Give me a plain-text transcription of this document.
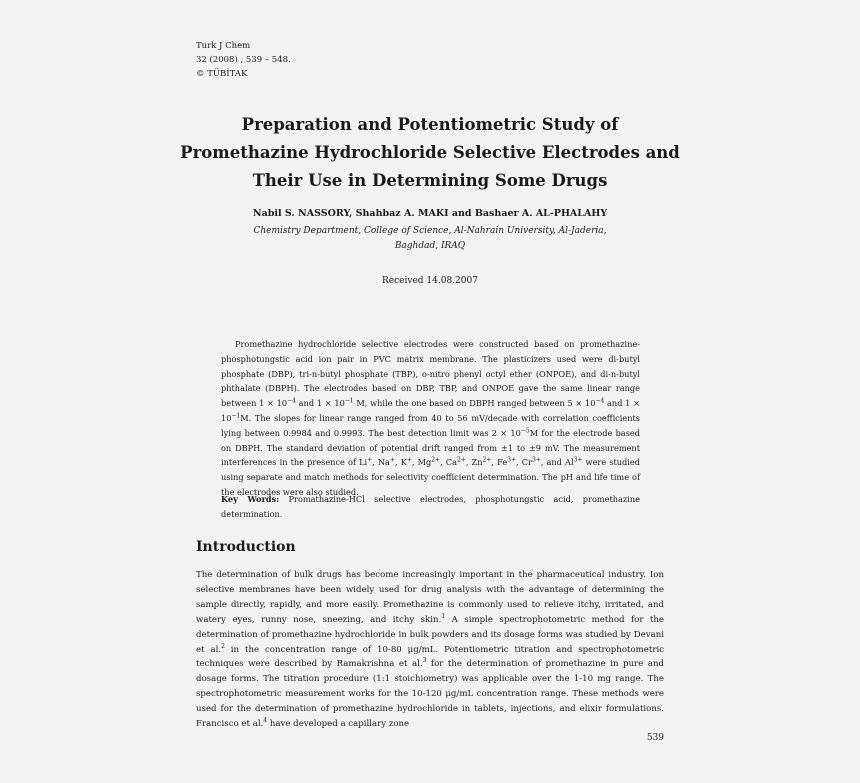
Turk J Chem
32 (2008) , 539 – 548.
© TÜBİTAK
Preparation and Potentiometric Study of
Promethazine Hydrochloride Selective Electrodes and
Their Use in Determining Some Drugs
Nabil S. NASSORY, Shahbaz A. MAKI and Bashaer A. AL-PHALAHY
Chemistry Department, College of Science, Al-Nahrain University, Al-Jaderia,
Baghdad, IRAQ
Received 14.08.2007

Promethazine hydrochloride selective electrodes were constructed based on promethazine-phosphotungstic acid ion pair in PVC matrix membrane. The plasticizers used were di-butyl phosphate (DBP), tri-n-butyl phosphate (TBP), o-nitro phenyl octyl ether (ONPOE), and di-n-butyl phthalate (DBPH). The electrodes based on DBP, TBP, and ONPOE gave the same linear range between $1 \times 10^{-4}$ and $1 \times 10^{-1}$ M, while the one based on DBPH ranged between $5 \times 10^{-4}$ and $1 \times 10^{-1}M$. The slopes for linear range ranged from 40 to 56 mV/decade with correlation coefficients lying between 0.9984 and 0.9993. The best detection limit was $2 \times 10^{-5}M$ for the electrode based on DBPH. The standard deviation of potential drift ranged from ±1 to ±9 mV. The measurement interferences in the presence of Li+, Na+, K+, $Mg^{2+}$, $Ca^{2+}$, $Zn^{2+}$, $Fe^{3+}$, $Cr^{3+}$, and $Al^{3+}$ were studied using separate and match methods for selectivity coefficient determination. The pH and life time of the electrodes were also studied.

Key Words: Promathazine-HCl selective electrodes, phosphotungstic acid, promethazine determination.
Introduction

The determination of bulk drugs has become increasingly important in the pharmaceutical industry. Ion selective membranes have been widely used for drug analysis with the advantage of determining the sample directly, rapidly, and more easily. Promethazine is commonly used to relieve itchy, irritated, and watery eyes, runny nose, sneezing, and itchy skin.$^1$ A simple spectrophotometric method for the determination of promethazine hydrochloride in bulk powders and its dosage forms was studied by Devani et al.$^2$ in the concentration range of 10-80 μg/mL. Potentiometric titration and spectrophotometric techniques were described by Ramakrishna et al.$^3$ for the determination of promethazine in pure and dosage forms. The titration procedure (1:1 stoichiometry) was applicable over the 1-10 mg range. The spectrophotometric measurement works for the 10-120 μg/mL concentration range. These methods were used for the determination of promethazine hydrochloride in tablets, injections, and elixir formulations. Francisco et al.$^4$ have developed a capillary zone

539
